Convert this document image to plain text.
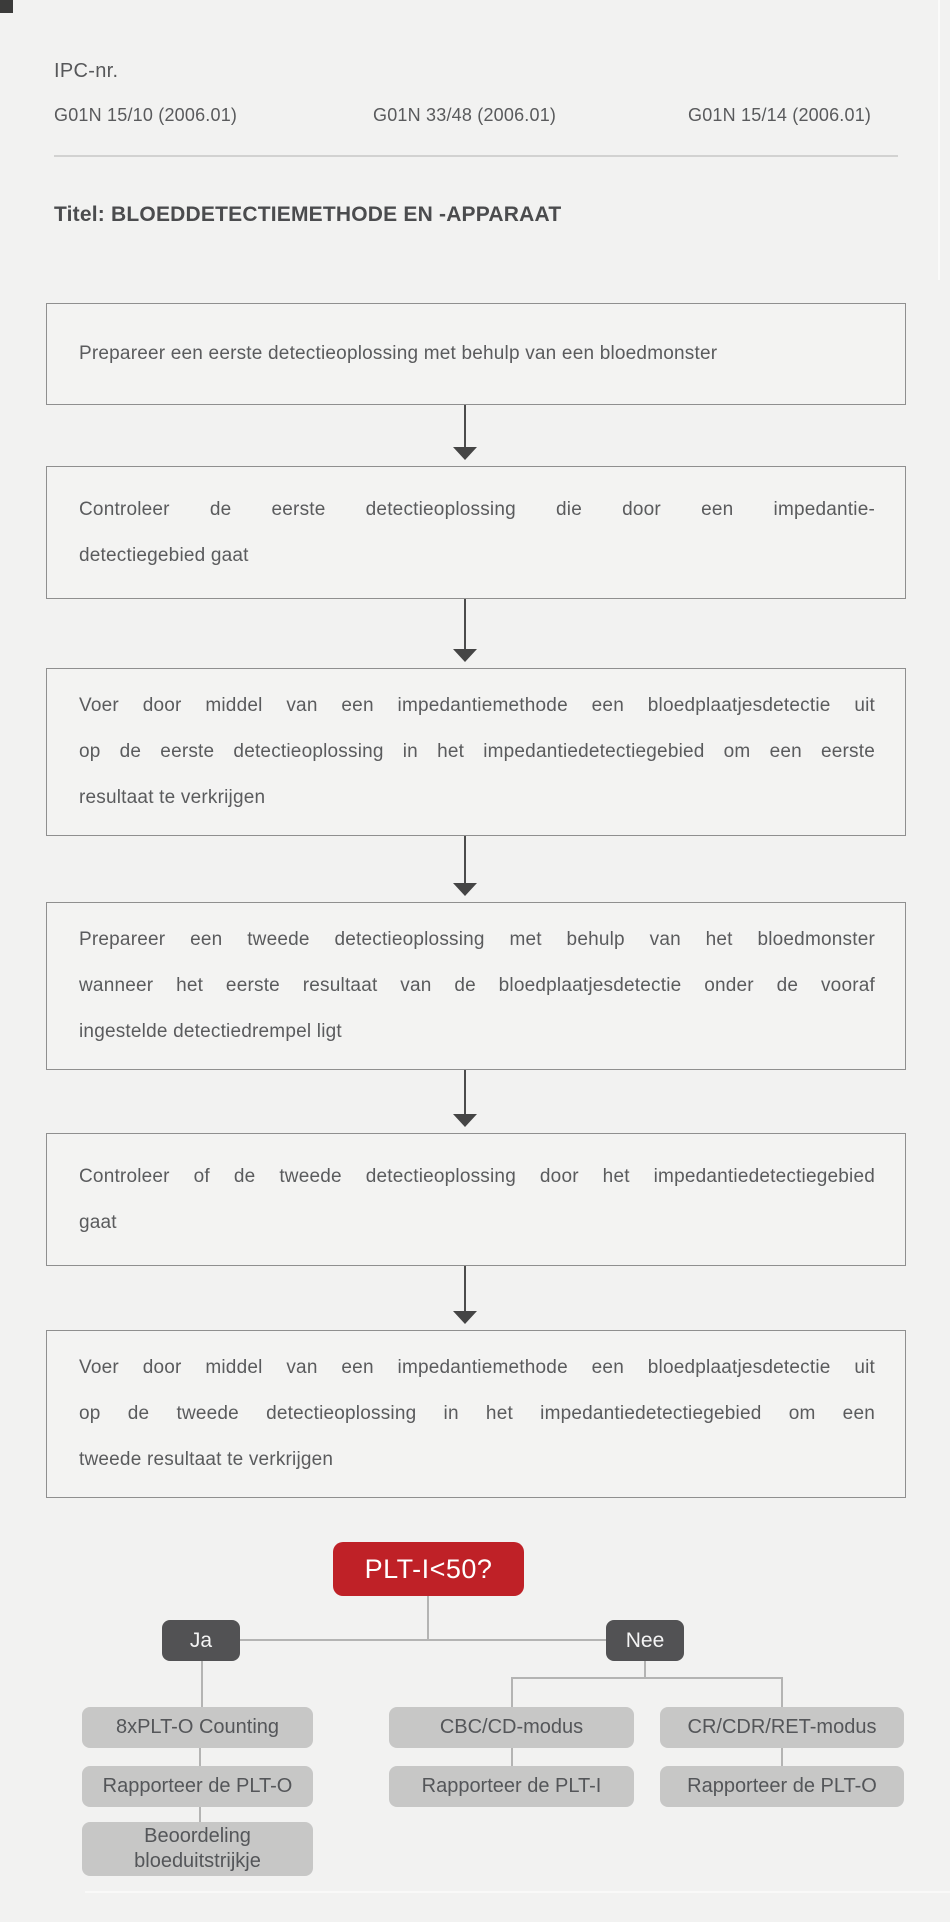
IPC-nr.
G01N 15/10 (2006.01)	G01N 33/48 (2006.01)	G01N 15/14 (2006.01)
Titel: BLOEDDETECTIEMETHODE EN -APPARAAT
Prepareer een eerste detectieoplossing met behulp van een bloedmonster
Controleer de eerste detectieoplossing die door een impedantie-
detectiegebied gaat
Voer door middel van een impedantiemethode een bloedplaatjesdetectie uit
op de eerste detectieoplossing in het impedantiedetectiegebied om een eerste
resultaat te verkrijgen
Prepareer een tweede detectieoplossing met behulp van het bloedmonster
wanneer het eerste resultaat van de bloedplaatjesdetectie onder de vooraf
ingestelde detectiedrempel ligt
Controleer of de tweede detectieoplossing door het impedantiedetectiegebied
gaat
Voer door middel van een impedantiemethode een bloedplaatjesdetectie uit
op de tweede detectieoplossing in het impedantiedetectiegebied om een
tweede resultaat te verkrijgen
PLT-I<50?
Ja	Nee
8xPLT-O Counting
Rapporteer de PLT-O
Beoordeling bloeduitstrijkje
CBC/CD-modus
Rapporteer de PLT-I
CR/CDR/RET-modus
Rapporteer de PLT-O
